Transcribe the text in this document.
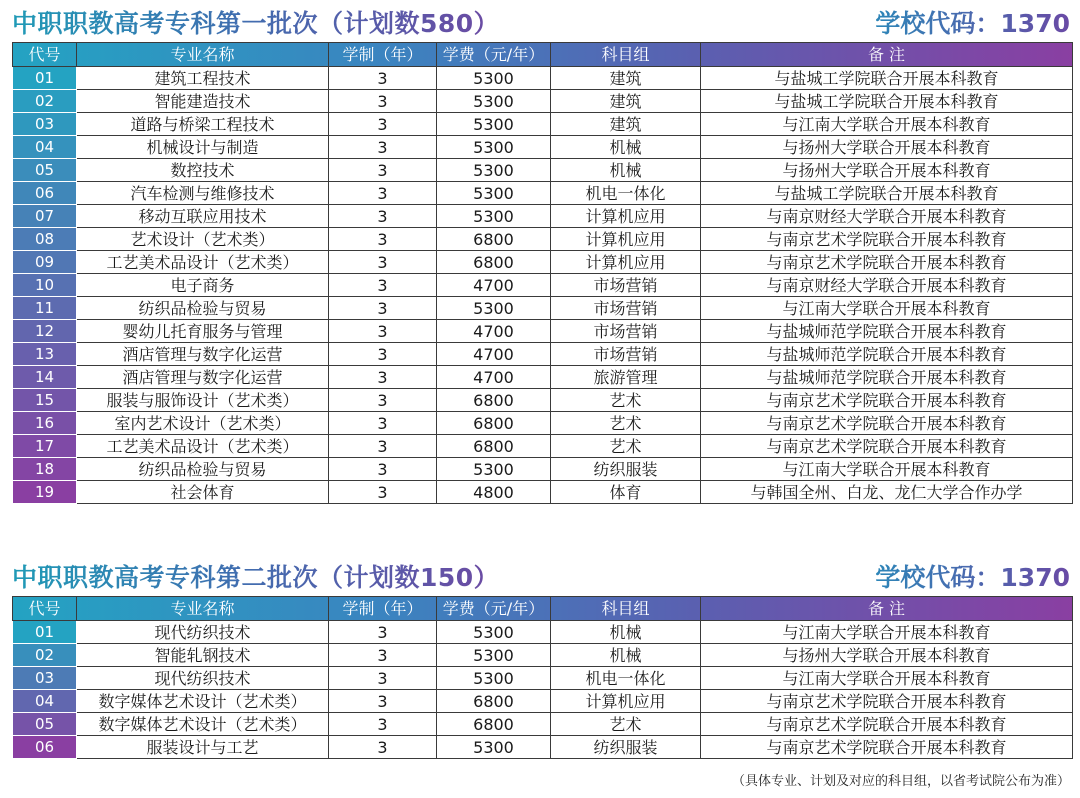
中职职教高考专科第一批次（计划数580）	学校代码：1370
代号	专业名称	学制（年）	学费（元/年）	科目组	备 注
01	建筑工程技术	3	5300	建筑	与盐城工学院联合开展本科教育
02	智能建造技术	3	5300	建筑	与盐城工学院联合开展本科教育
03	道路与桥梁工程技术	3	5300	建筑	与江南大学联合开展本科教育
04	机械设计与制造	3	5300	机械	与扬州大学联合开展本科教育
05	数控技术	3	5300	机械	与扬州大学联合开展本科教育
06	汽车检测与维修技术	3	5300	机电一体化	与盐城工学院联合开展本科教育
07	移动互联应用技术	3	5300	计算机应用	与南京财经大学联合开展本科教育
08	艺术设计（艺术类）	3	6800	计算机应用	与南京艺术学院联合开展本科教育
09	工艺美术品设计（艺术类）	3	6800	计算机应用	与南京艺术学院联合开展本科教育
10	电子商务	3	4700	市场营销	与南京财经大学联合开展本科教育
11	纺织品检验与贸易	3	5300	市场营销	与江南大学联合开展本科教育
12	婴幼儿托育服务与管理	3	4700	市场营销	与盐城师范学院联合开展本科教育
13	酒店管理与数字化运营	3	4700	市场营销	与盐城师范学院联合开展本科教育
14	酒店管理与数字化运营	3	4700	旅游管理	与盐城师范学院联合开展本科教育
15	服装与服饰设计（艺术类）	3	6800	艺术	与南京艺术学院联合开展本科教育
16	室内艺术设计（艺术类）	3	6800	艺术	与南京艺术学院联合开展本科教育
17	工艺美术品设计（艺术类）	3	6800	艺术	与南京艺术学院联合开展本科教育
18	纺织品检验与贸易	3	5300	纺织服装	与江南大学联合开展本科教育
19	社会体育	3	4800	体育	与韩国全州、白龙、龙仁大学合作办学
中职职教高考专科第二批次（计划数150）	学校代码：1370
代号	专业名称	学制（年）	学费（元/年）	科目组	备 注
01	现代纺织技术	3	5300	机械	与江南大学联合开展本科教育
02	智能轧钢技术	3	5300	机械	与扬州大学联合开展本科教育
03	现代纺织技术	3	5300	机电一体化	与江南大学联合开展本科教育
04	数字媒体艺术设计（艺术类）	3	6800	计算机应用	与南京艺术学院联合开展本科教育
05	数字媒体艺术设计（艺术类）	3	6800	艺术	与南京艺术学院联合开展本科教育
06	服装设计与工艺	3	5300	纺织服装	与南京艺术学院联合开展本科教育
（具体专业、计划及对应的科目组，以省考试院公布为准）
